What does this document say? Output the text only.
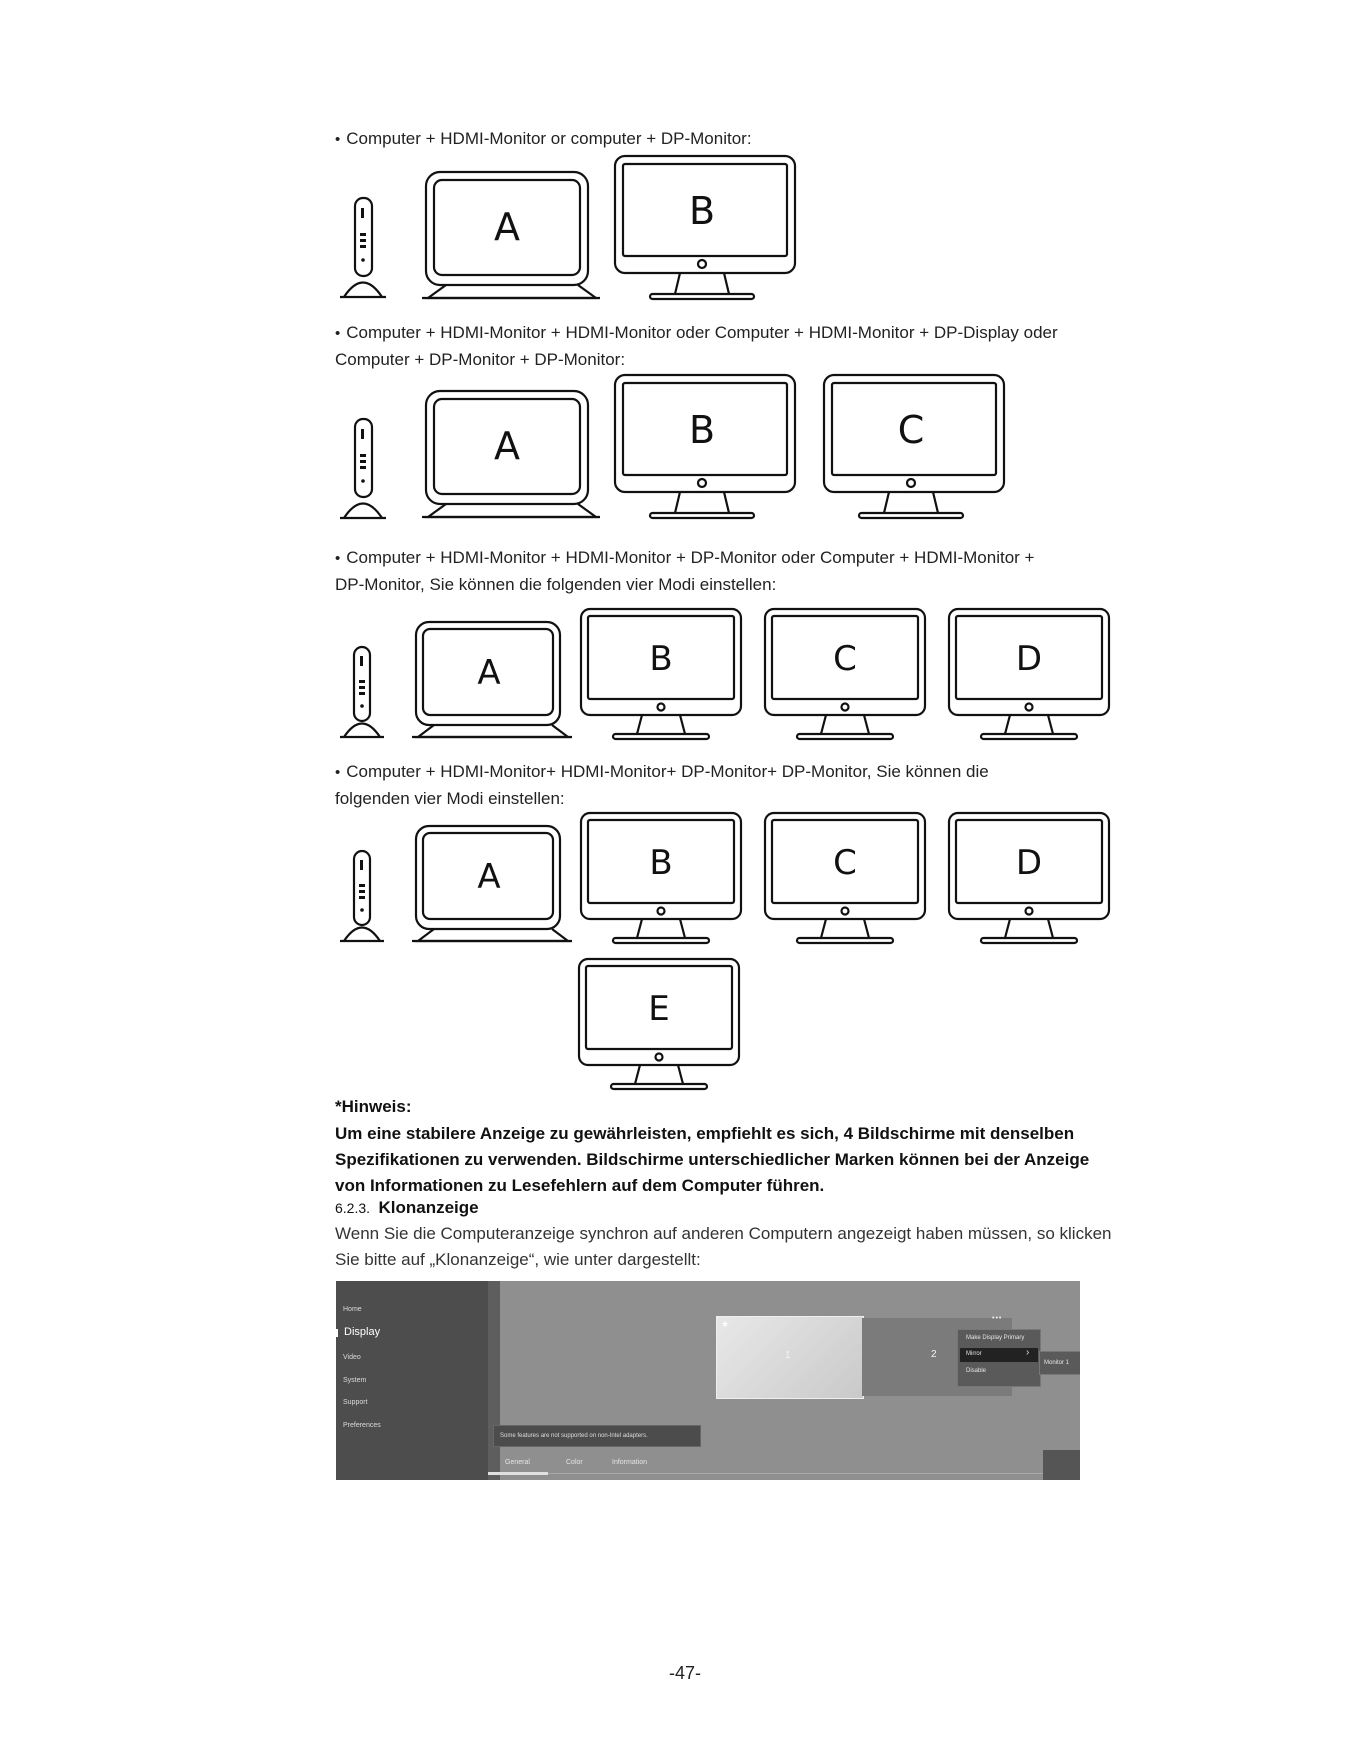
• Computer + HDMI-Monitor or computer + DP-Monitor:
A	B
• Computer + HDMI-Monitor + HDMI-Monitor oder Computer + HDMI-Monitor + DP-Display oder
Computer + DP-Monitor + DP-Monitor:
A	B	C
• Computer + HDMI-Monitor + HDMI-Monitor + DP-Monitor oder Computer + HDMI-Monitor +
DP-Monitor, Sie können die folgenden vier Modi einstellen:
A	B	C	D
• Computer + HDMI-Monitor+ HDMI-Monitor+ DP-Monitor+ DP-Monitor, Sie können die
folgenden vier Modi einstellen:
A	B	C	D
E
*Hinweis:
Um eine stabilere Anzeige zu gewährleisten, empfiehlt es sich, 4 Bildschirme mit denselben Spezifikationen zu verwenden. Bildschirme unterschiedlicher Marken können bei der Anzeige von Informationen zu Lesefehlern auf dem Computer führen.
6.2.3. Klonanzeige
Wenn Sie die Computeranzeige synchron auf anderen Computern angezeigt haben müssen, so klicken Sie bitte auf „Klonanzeige“, wie unter dargestellt:
Home
Display
Video
System
Support
Preferences
★
1
•••
2
Make Display Primary
Mirror	›
Disable
Monitor 1
Some features are not supported on non-Intel adapters.
General	Color	Information
-47-
